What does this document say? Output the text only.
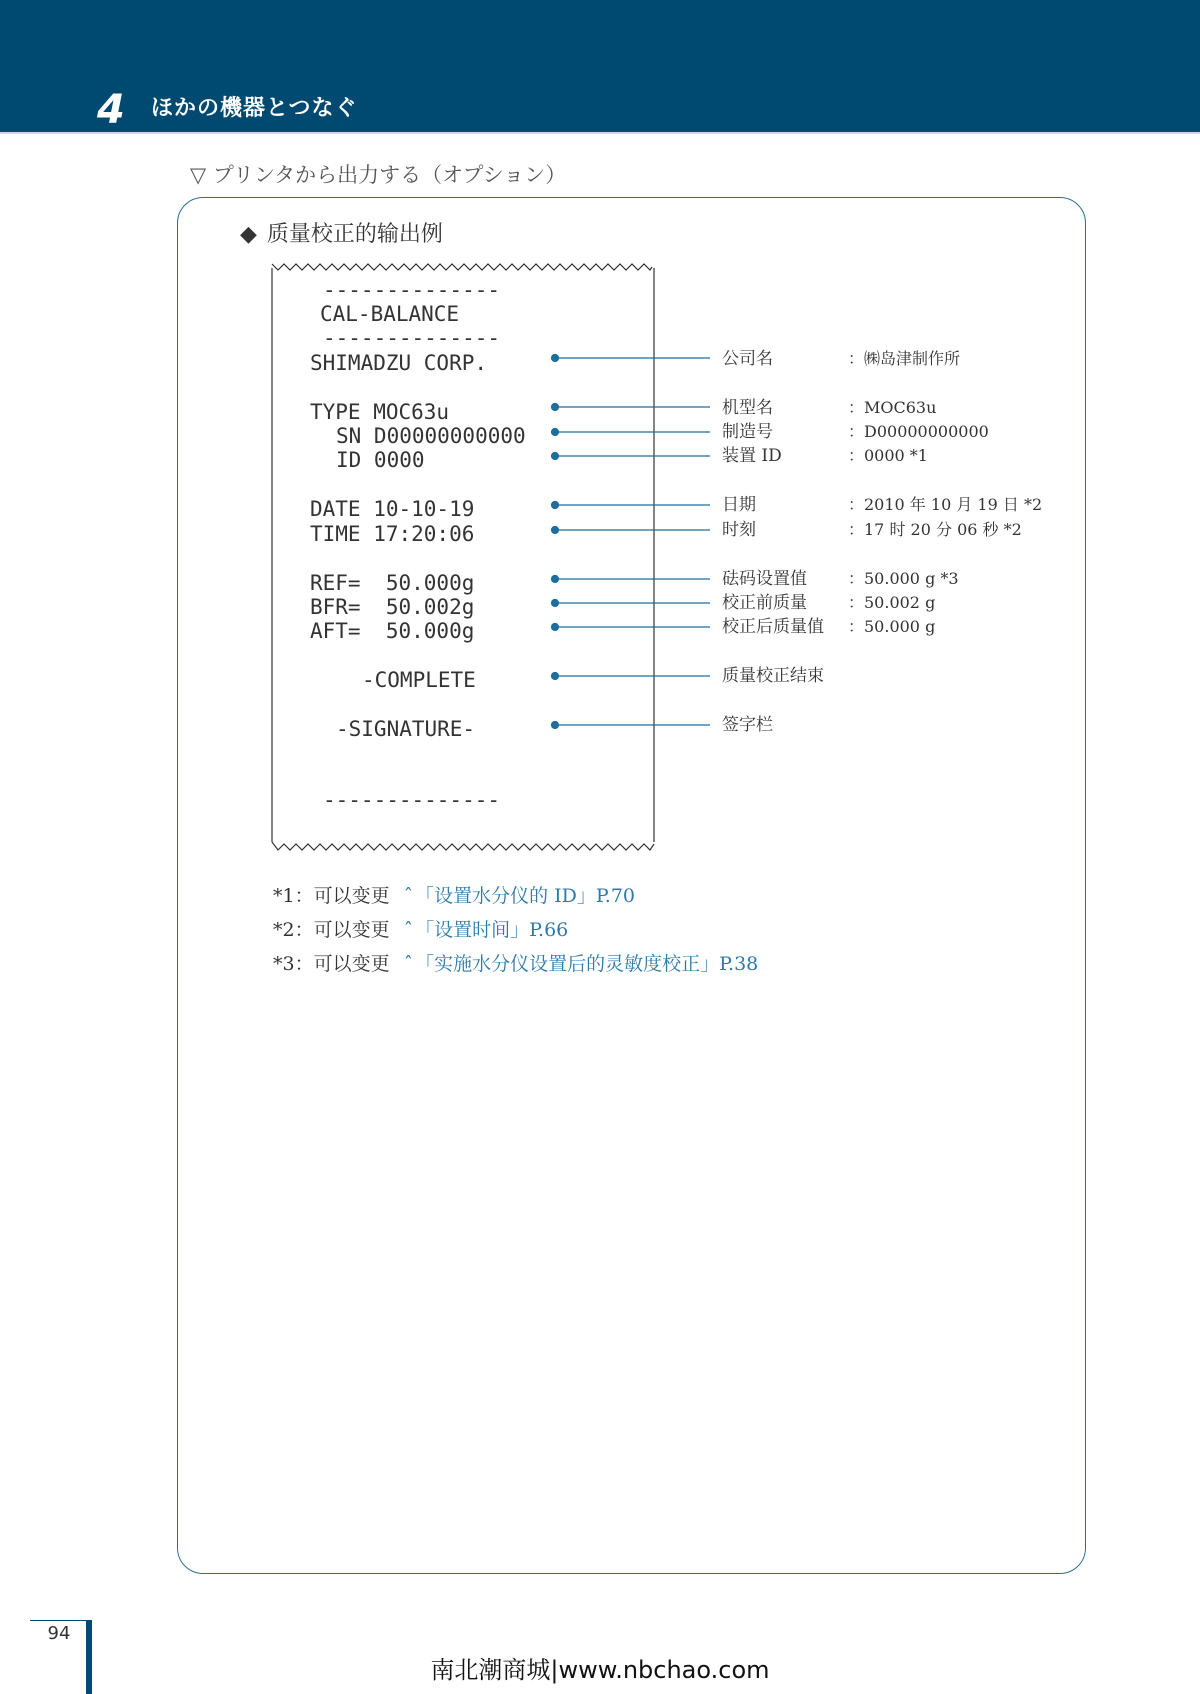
4 ほかの機器とつなぐ
▽ プリンタから出力する（オプション）
◆ 质量校正的输出例
--------------
CAL-BALANCE
--------------
SHIMADZU CORP.
TYPE MOC63u
SN D00000000000
ID 0000
DATE 10-10-19
TIME 17:20:06
REF=  50.000g
BFR=  50.002g
AFT=  50.000g
-COMPLETE
-SIGNATURE-
--------------
公司名	：㈱岛津制作所
机型名	：MOC63u
制造号	：D00000000000
装置 ID	：0000 *1
日期	：2010 年 10 月 19 日 *2
时刻	：17 时 20 分 06 秒 *2
砝码设置值	：50.000 g *3
校正前质量	：50.002 g
校正后质量值 ：50.000 g
质量校正结束
签字栏
*1：可以变更 ˆ 「设置水分仪的 ID」P.70
*2：可以变更 ˆ 「设置时间」P.66
*3：可以变更 ˆ 「实施水分仪设置后的灵敏度校正」P.38
94
南北潮商城|www.nbchao.com
